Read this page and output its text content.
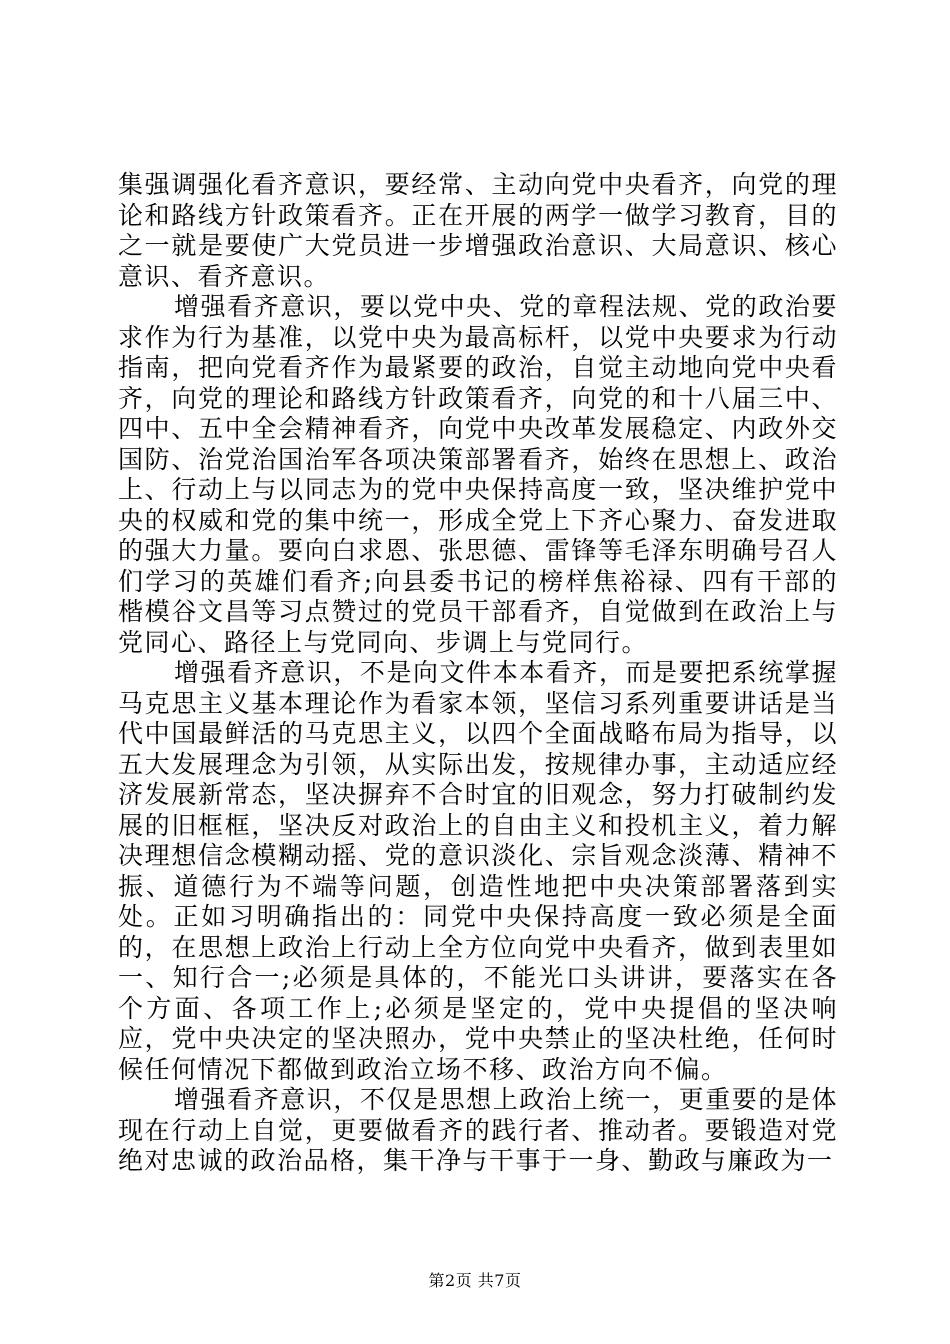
集强调强化看齐意识，要经常、主动向党中央看齐，向党的理论和路线方针政策看齐。正在开展的两学一做学习教育，目的之一就是要使广大党员进一步增强政治意识、大局意识、核心意识、看齐意识。

增强看齐意识，要以党中央、党的章程法规、党的政治要求作为行为基准，以党中央为最高标杆，以党中央要求为行动指南，把向党看齐作为最紧要的政治，自觉主动地向党中央看齐，向党的理论和路线方针政策看齐，向党的和十八届三中、四中、五中全会精神看齐，向党中央改革发展稳定、内政外交国防、治党治国治军各项决策部署看齐，始终在思想上、政治上、行动上与以同志为的党中央保持高度一致，坚决维护党中央的权威和党的集中统一，形成全党上下齐心聚力、奋发进取的强大力量。要向白求恩、张思德、雷锋等毛泽东明确号召人们学习的英雄们看齐;向县委书记的榜样焦裕禄、四有干部的楷模谷文昌等习点赞过的党员干部看齐，自觉做到在政治上与党同心、路径上与党同向、步调上与党同行。

增强看齐意识，不是向文件本本看齐，而是要把系统掌握马克思主义基本理论作为看家本领，坚信习系列重要讲话是当代中国最鲜活的马克思主义，以四个全面战略布局为指导，以五大发展理念为引领，从实际出发，按规律办事，主动适应经济发展新常态，坚决摒弃不合时宜的旧观念，努力打破制约发展的旧框框，坚决反对政治上的自由主义和投机主义，着力解决理想信念模糊动摇、党的意识淡化、宗旨观念淡薄、精神不振、道德行为不端等问题，创造性地把中央决策部署落到实处。正如习明确指出的：同党中央保持高度一致必须是全面的，在思想上政治上行动上全方位向党中央看齐，做到表里如一、知行合一;必须是具体的，不能光口头讲讲，要落实在各个方面、各项工作上;必须是坚定的，党中央提倡的坚决响应，党中央决定的坚决照办，党中央禁止的坚决杜绝，任何时候任何情况下都做到政治立场不移、政治方向不偏。

增强看齐意识，不仅是思想上政治上统一，更重要的是体现在行动上自觉，更要做看齐的践行者、推动者。要锻造对党绝对忠诚的政治品格，集干净与干事于一身、勤政与廉政为一

第2页 共7页
